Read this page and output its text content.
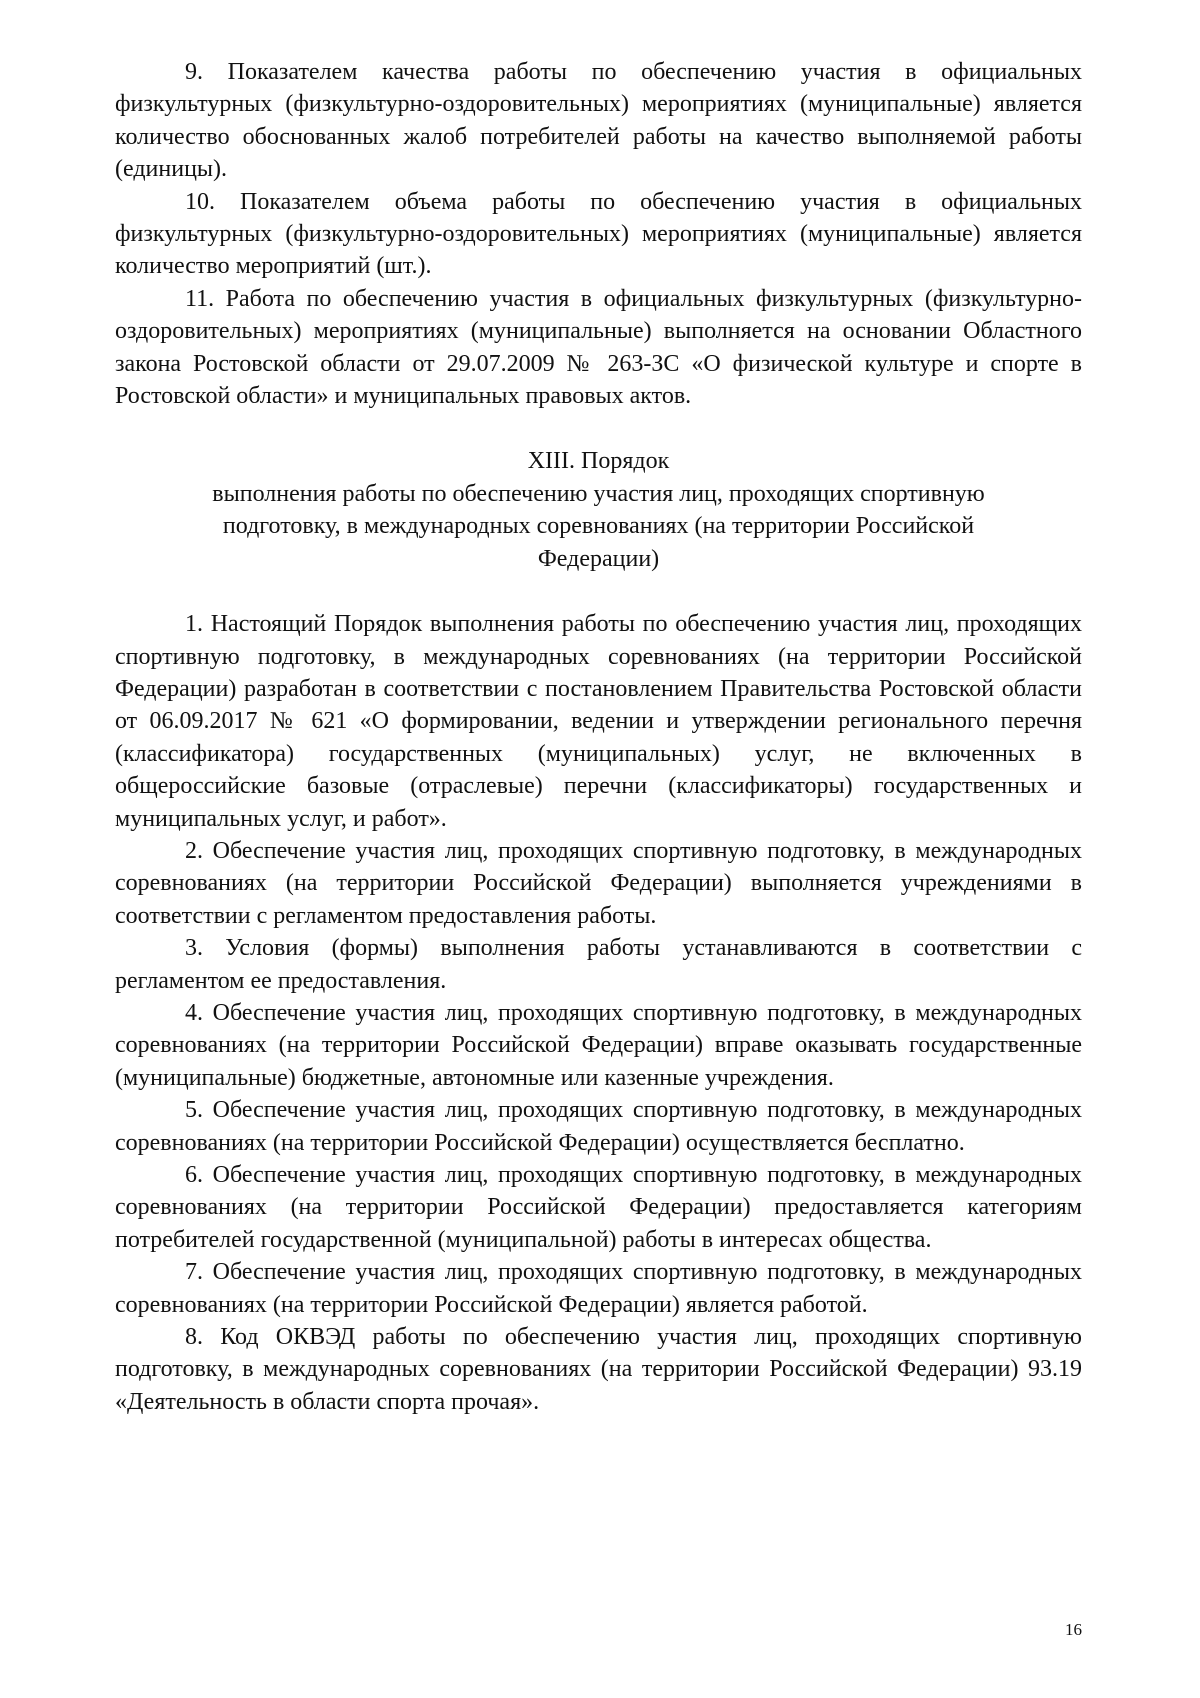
9. Показателем качества работы по обеспечению участия в официальных физкультурных (физкультурно-оздоровительных) мероприятиях (муниципальные) является количество обоснованных жалоб потребителей работы на качество выполняемой работы (единицы).

10. Показателем объема работы по обеспечению участия в официальных физкультурных (физкультурно-оздоровительных) мероприятиях (муниципальные) является количество мероприятий (шт.).

11. Работа по обеспечению участия в официальных физкультурных (физкультурно-оздоровительных) мероприятиях (муниципальные) выполняется на основании Областного закона Ростовской области от 29.07.2009 № 263-ЗС «О физической культуре и спорте в Ростовской области» и муниципальных правовых актов.

XIII. Порядок
выполнения работы по обеспечению участия лиц, проходящих спортивную подготовку, в международных соревнованиях (на территории Российской Федерации)

1. Настоящий Порядок выполнения работы по обеспечению участия лиц, проходящих спортивную подготовку, в международных соревнованиях (на территории Российской Федерации) разработан в соответствии с постановлением Правительства Ростовской области от 06.09.2017 № 621 «О формировании, ведении и утверждении регионального перечня (классификатора) государственных (муниципальных) услуг, не включенных в общероссийские базовые (отраслевые) перечни (классификаторы) государственных и муниципальных услуг, и работ».

2. Обеспечение участия лиц, проходящих спортивную подготовку, в международных соревнованиях (на территории Российской Федерации) выполняется учреждениями в соответствии с регламентом предоставления работы.

3. Условия (формы) выполнения работы устанавливаются в соответствии с регламентом ее предоставления.

4. Обеспечение участия лиц, проходящих спортивную подготовку, в международных соревнованиях (на территории Российской Федерации) вправе оказывать государственные (муниципальные) бюджетные, автономные или казенные учреждения.

5. Обеспечение участия лиц, проходящих спортивную подготовку, в международных соревнованиях (на территории Российской Федерации) осуществляется бесплатно.

6. Обеспечение участия лиц, проходящих спортивную подготовку, в международных соревнованиях (на территории Российской Федерации) предоставляется категориям потребителей государственной (муниципальной) работы в интересах общества.

7. Обеспечение участия лиц, проходящих спортивную подготовку, в международных соревнованиях (на территории Российской Федерации) является работой.

8. Код ОКВЭД работы по обеспечению участия лиц, проходящих спортивную подготовку, в международных соревнованиях (на территории Российской Федерации) 93.19 «Деятельность в области спорта прочая».

16
